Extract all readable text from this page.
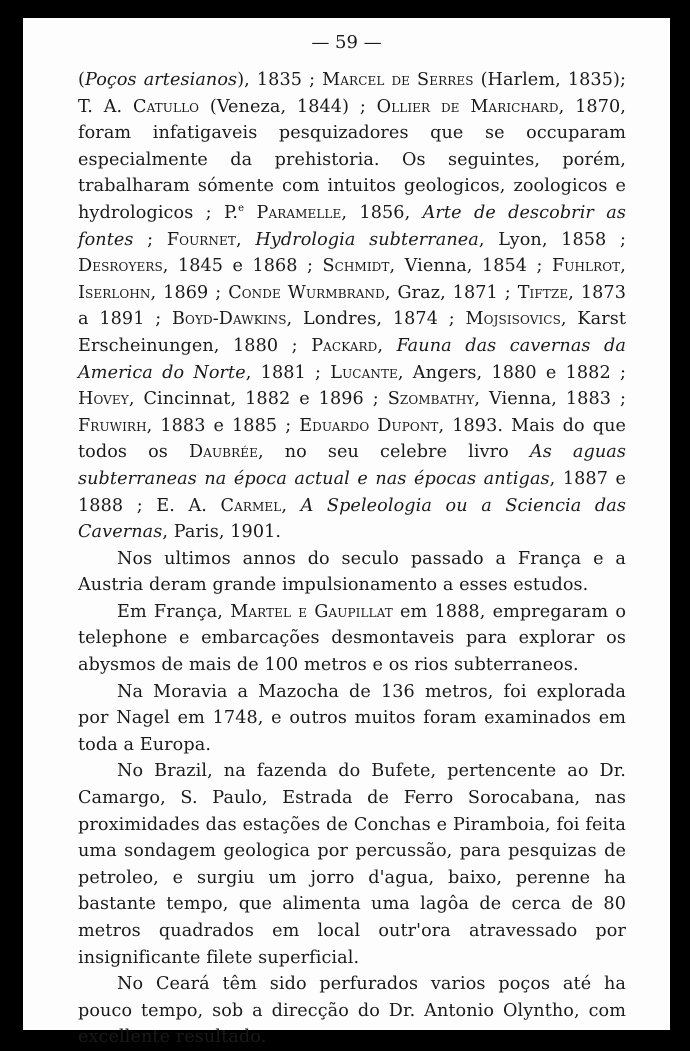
— 59 —

(Poços artesianos), 1835 ; Marcel de Serres (Harlem, 1835); T. A. Catullo (Veneza, 1844) ; Ollier de Marichard, 1870, foram infatigaveis pesquizadores que se occuparam especialmente da prehistoria. Os seguintes, porém, trabalharam sómente com intuitos geologicos, zoologicos e hydrologicos ; P.$^e$ Paramelle, 1856, Arte de descobrir as fontes ; Fournet, Hydrologia subterranea, Lyon, 1858 ; Desroyers, 1845 e 1868 ; Schmidt, Vienna, 1854 ; Fuhlrot, Iserlohn, 1869 ; Conde Wurmbrand, Graz, 1871 ; Tiftze, 1873 a 1891 ; Boyd-Dawkins, Londres, 1874 ; Mojsisovics, Karst Erscheinungen, 1880 ; Packard, Fauna das cavernas da America do Norte, 1881 ; Lucante, Angers, 1880 e 1882 ; Hovey, Cincinnat, 1882 e 1896 ; Szombathy, Vienna, 1883 ; Fruwirh, 1883 e 1885 ; Eduardo Dupont, 1893. Mais do que todos os Daubrée, no seu celebre livro As aguas subterraneas na época actual e nas épocas antigas, 1887 e 1888 ; E. A. Carmel, A Speleologia ou a Sciencia das Cavernas, Paris, 1901.

Nos ultimos annos do seculo passado a França e a Austria deram grande impulsionamento a esses estudos.

Em França, Martel e Gaupillat em 1888, empregaram o telephone e embarcações desmontaveis para explorar os abysmos de mais de 100 metros e os rios subterraneos.

Na Moravia a Mazocha de 136 metros, foi explorada por Nagel em 1748, e outros muitos foram examinados em toda a Europa.

No Brazil, na fazenda do Bufete, pertencente ao Dr. Camargo, S. Paulo, Estrada de Ferro Sorocabana, nas proximidades das estações de Conchas e Piramboia, foi feita uma sondagem geologica por percussão, para pesquizas de petroleo, e surgiu um jorro d'agua, baixo, perenne ha bastante tempo, que alimenta uma lagôa de cerca de 80 metros quadrados em local outr'ora atravessado por insignificante filete superficial.

No Ceará têm sido perfurados varios poços até ha pouco tempo, sob a direcção do Dr. Antonio Olyntho, com excellente resultado.
